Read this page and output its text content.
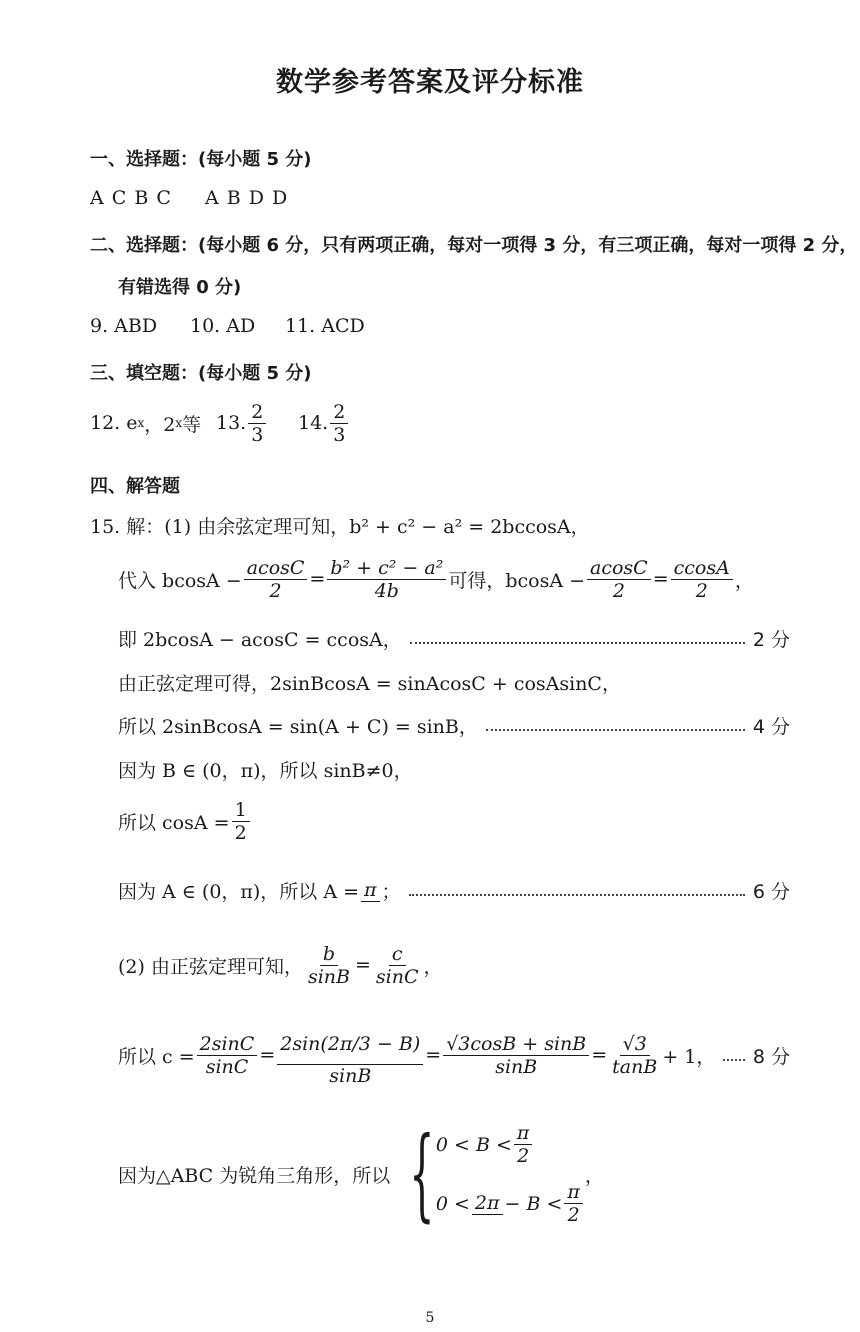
数学参考答案及评分标准
一、选择题：(每小题 5 分)
A C B C A B D D
二、选择题：(每小题 6 分，只有两项正确，每对一项得 3 分，有三项正确，每对一项得 2 分，
有错选得 0 分)
9. ABD 10. AD 11. ACD
三、填空题：(每小题 5 分)
12. e x ，2 x 等 13.
2
3
14.
2
3
四、解答题
15. 解：(1) 由余弦定理可知，b² + c² − a² = 2bccosA，
代入 $bcosA - \frac{acosC}{2} = \frac{\text{b² + c² − a²}}{4b}$ 可得，$bcosA - \frac{acosC}{2} = \frac{ccosA}{2}$ ，
即 2bcosA − acosC = ccosA，	2 分
由正弦定理可得，2sinBcosA = sinAcosC + cosAsinC，
所以 2sinBcosA = sin(A + C) = sinB，	4 分
因为 B ∈ (0，π)，所以 sinB≠0，
所以 $\cos A = \frac{1}{2}$
因为 A ∈ (0，π)，所以 A = π ；	6 分
(2) 由正弦定理可知， $\frac{b}{\sin B} = \frac{c}{\sin C}$ ，
所以 $c = \frac{2\sin C}{\sin C} = \frac{2\sin(2\pi/3 - B)}{\sin B} = \frac{√3\cos B + \sin B}{\sin B} = \frac{√3}{\tan B} + 1$， 8 分
因为△ABC 为锐角三角形，所以 { 0 < B <
π
2
0 < 2π − B <
π
2
，
5
